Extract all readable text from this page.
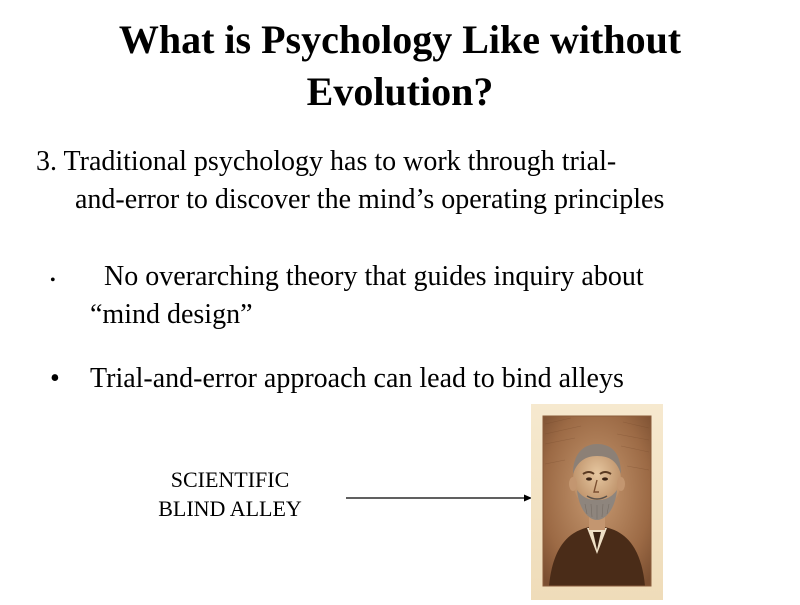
What is Psychology Like without
Evolution?
3. Traditional psychology has to work through trial-
and-error to discover the mind’s operating principles
•	No overarching theory that guides inquiry about
“mind design”
•	Trial-and-error approach can lead to bind alleys
SCIENTIFIC
BLIND ALLEY
